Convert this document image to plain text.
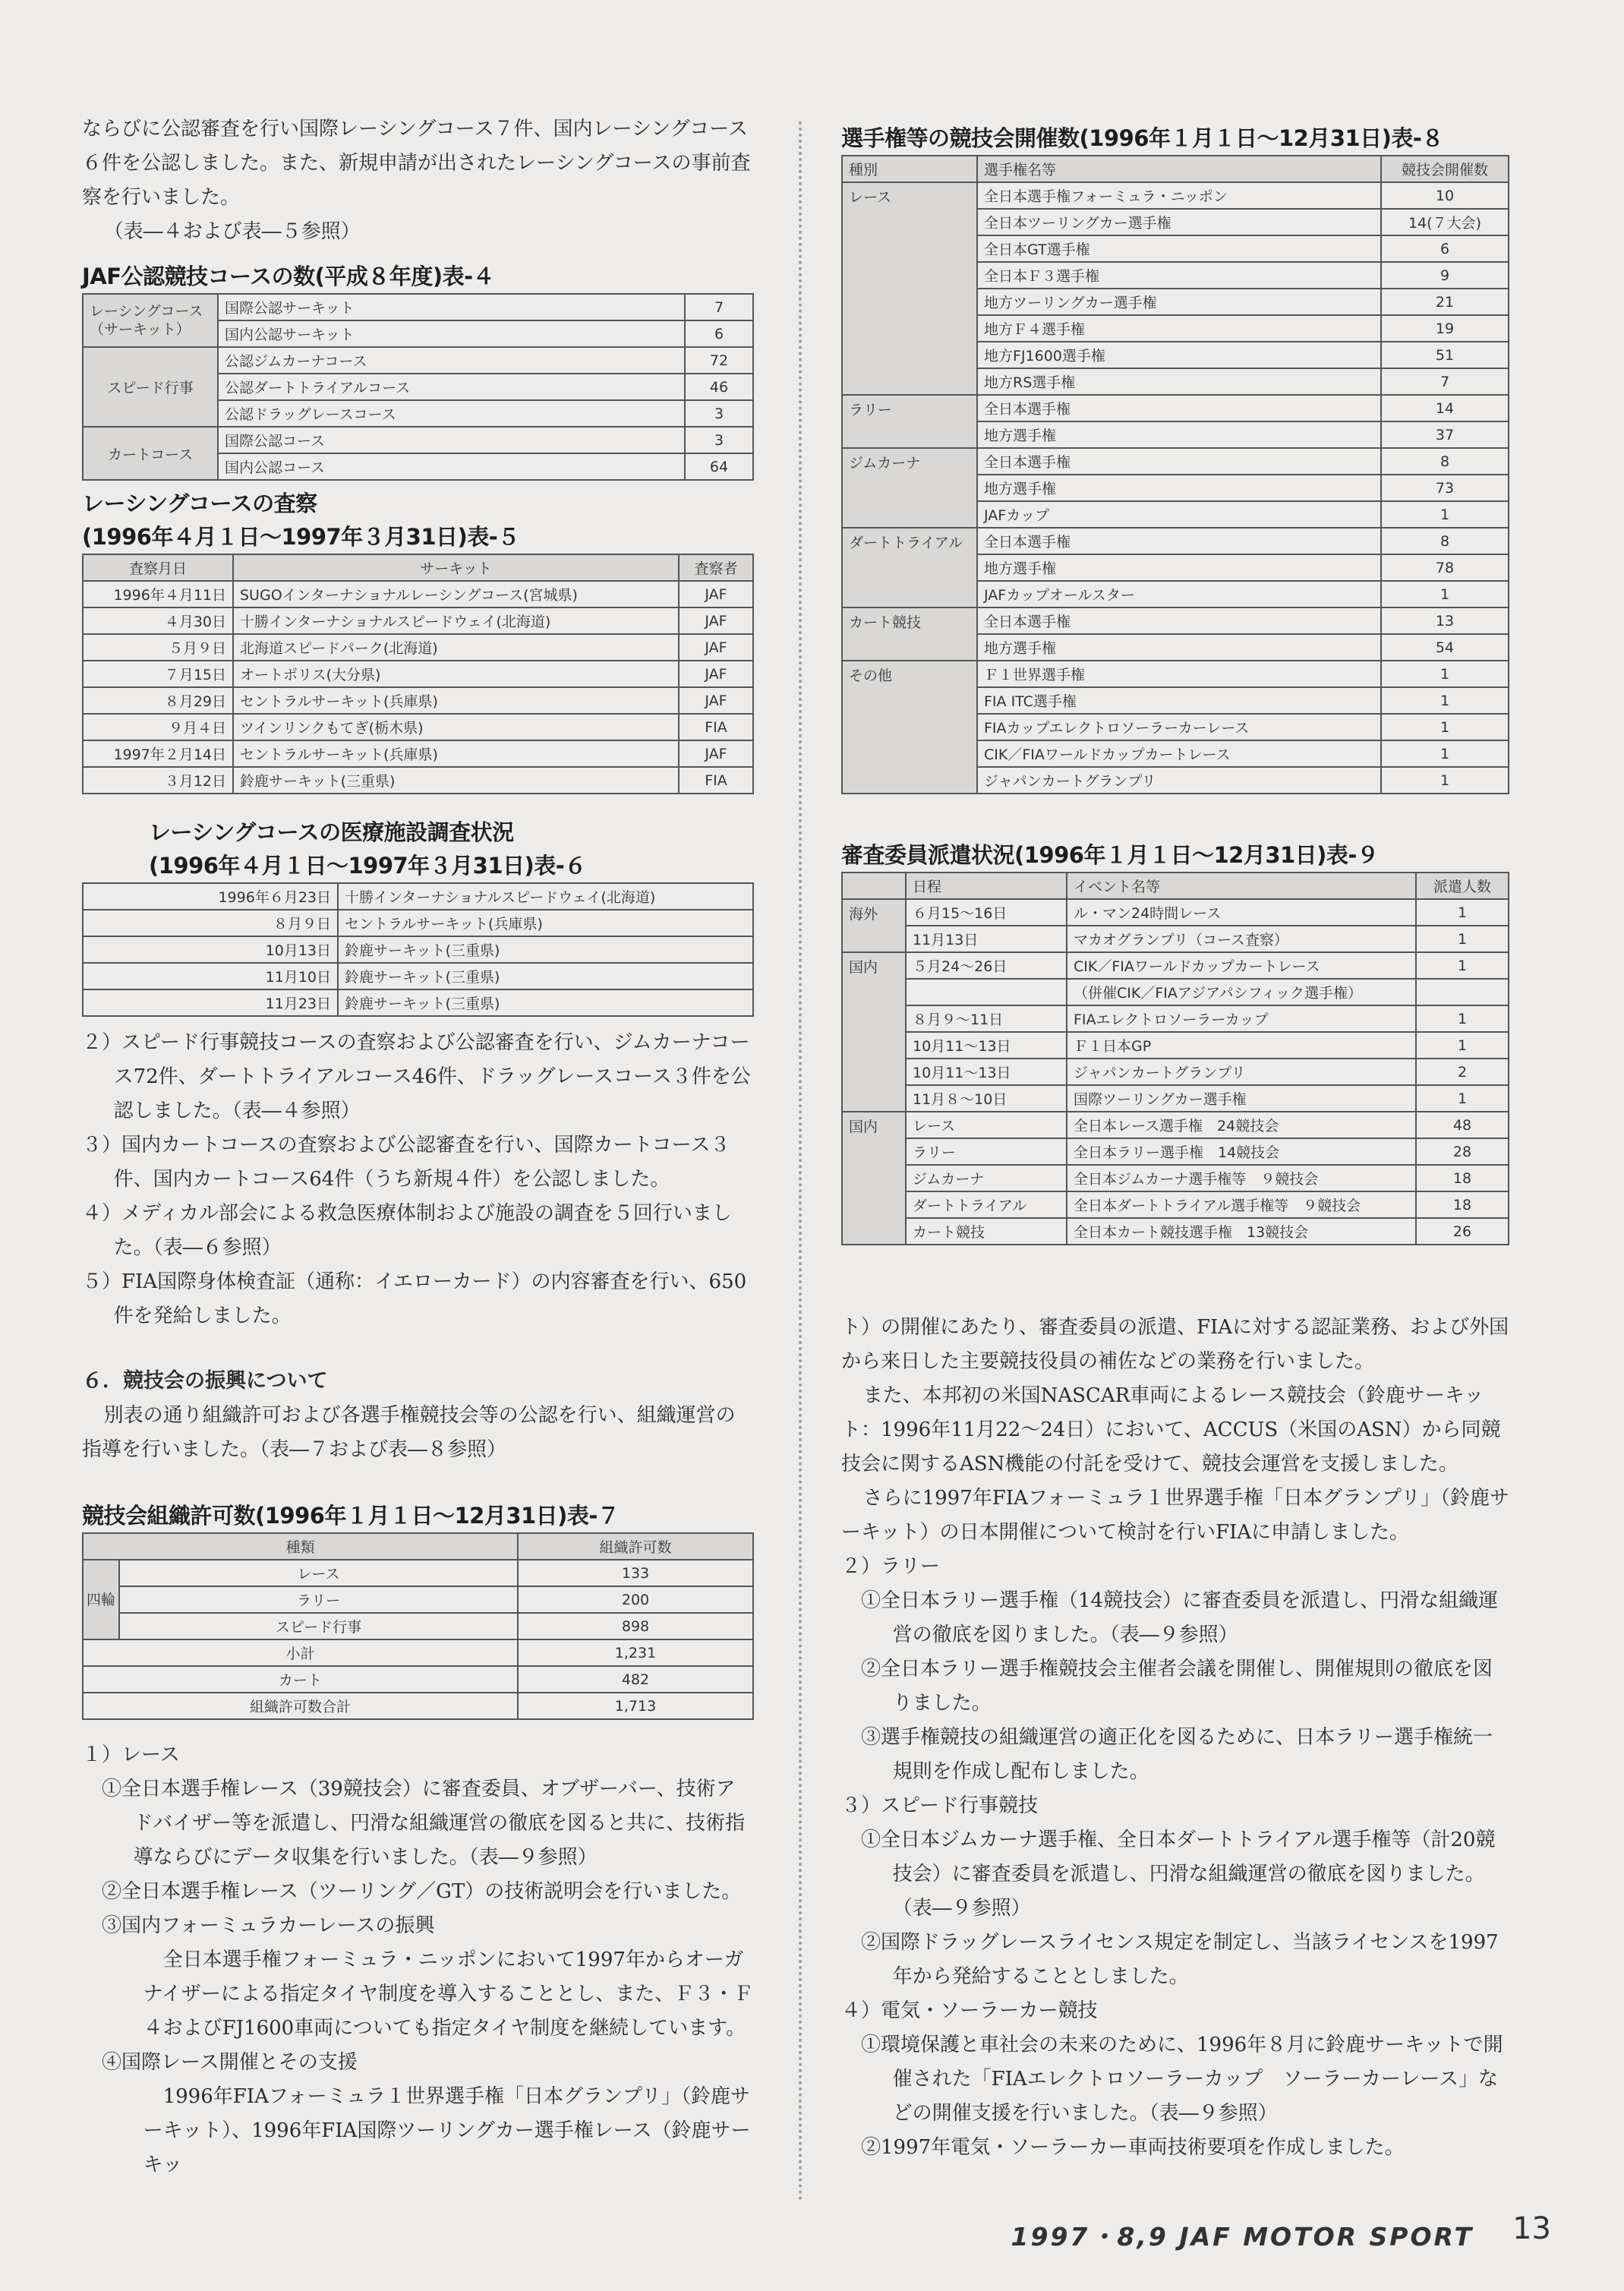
ならびに公認審査を行い国際レーシングコース７件、国内レーシングコース６件を公認しました。また、新規申請が出されたレーシングコースの事前査察を行いました。

（表―４および表―５参照）

JAF公認競技コースの数(平成８年度)表-４
レーシングコース（サーキット）	国際公認サーキット	7
	国内公認サーキット	6
スピード行事	公認ジムカーナコース	72
	公認ダートトライアルコース	46
	公認ドラッグレースコース	3
カートコース	国際公認コース	3
	国内公認コース	64
レーシングコースの査察
(1996年４月１日〜1997年３月31日)表-５
査察月日	サーキット	査察者
1996年４月11日	SUGOインターナショナルレーシングコース(宮城県)	JAF
４月30日	十勝インターナショナルスピードウェイ(北海道)	JAF
５月９日	北海道スピードパーク(北海道)	JAF
７月15日	オートポリス(大分県)	JAF
８月29日	セントラルサーキット(兵庫県)	JAF
９月４日	ツインリンクもてぎ(栃木県)	FIA
1997年２月14日	セントラルサーキット(兵庫県)	JAF
３月12日	鈴鹿サーキット(三重県)	FIA
レーシングコースの医療施設調査状況
(1996年４月１日〜1997年３月31日)表-６
1996年６月23日	十勝インターナショナルスピードウェイ(北海道)
８月９日	セントラルサーキット(兵庫県)
10月13日	鈴鹿サーキット(三重県)
11月10日	鈴鹿サーキット(三重県)
11月23日	鈴鹿サーキット(三重県)

２）スピード行事競技コースの査察および公認審査を行い、ジムカーナコース72件、ダートトライアルコース46件、ドラッグレースコース３件を公認しました。（表―４参照）

３）国内カートコースの査察および公認審査を行い、国際カートコース３件、国内カートコース64件（うち新規４件）を公認しました。

４）メディカル部会による救急医療体制および施設の調査を５回行いました。（表―６参照）

５）FIA国際身体検査証（通称：イエローカード）の内容審査を行い、650件を発給しました。

６．競技会の振興について

別表の通り組織許可および各選手権競技会等の公認を行い、組織運営の指導を行いました。（表―７および表―８参照）

競技会組織許可数(1996年１月１日〜12月31日)表-７
種類		組織許可数
四輪	レース	133
	ラリー	200
	スピード行事	898
小計		1,231
カート		482
組織許可数合計		1,713

１）レース

①全日本選手権レース（39競技会）に審査委員、オブザーバー、技術アドバイザー等を派遣し、円滑な組織運営の徹底を図ると共に、技術指導ならびにデータ収集を行いました。（表―９参照）

②全日本選手権レース（ツーリング／GT）の技術説明会を行いました。

③国内フォーミュラカーレースの振興

全日本選手権フォーミュラ・ニッポンにおいて1997年からオーガナイザーによる指定タイヤ制度を導入することとし、また、Ｆ３・Ｆ４およびFJ1600車両についても指定タイヤ制度を継続しています。

④国際レース開催とその支援

1996年FIAフォーミュラ１世界選手権「日本グランプリ」（鈴鹿サーキット）、1996年FIA国際ツーリングカー選手権レース（鈴鹿サーキッ

選手権等の競技会開催数(1996年１月１日〜12月31日)表-８
種別	選手権名等	競技会開催数
レース	全日本選手権フォーミュラ・ニッポン	10
	全日本ツーリングカー選手権	14(７大会)
	全日本GT選手権	6
	全日本Ｆ３選手権	9
	地方ツーリングカー選手権	21
	地方Ｆ４選手権	19
	地方FJ1600選手権	51
	地方RS選手権	7
ラリー	全日本選手権	14
	地方選手権	37
ジムカーナ	全日本選手権	8
	地方選手権	73
	JAFカップ	1
ダートトライアル	全日本選手権	8
	地方選手権	78
	JAFカップオールスター	1
カート競技	全日本選手権	13
	地方選手権	54
その他	Ｆ１世界選手権	1
	FIA ITC選手権	1
	FIAカップエレクトロソーラーカーレース	1
	CIK／FIAワールドカップカートレース	1
	ジャパンカートグランプリ	1
審査委員派遣状況(1996年１月１日〜12月31日)表-９
	日程	イベント名等	派遣人数
海外	６月15〜16日	ル・マン24時間レース	1
	11月13日	マカオグランプリ（コース査察）	1
国内	５月24〜26日	CIK／FIAワールドカップカートレース	1
		（併催CIK／FIAアジアパシフィック選手権）	
	８月９〜11日	FIAエレクトロソーラーカップ	1
	10月11〜13日	Ｆ１日本GP	1
	10月11〜13日	ジャパンカートグランプリ	2
	11月８〜10日	国際ツーリングカー選手権	1
国内	レース	全日本レース選手権　24競技会	48
	ラリー	全日本ラリー選手権　14競技会	28
	ジムカーナ	全日本ジムカーナ選手権等　９競技会	18
	ダートトライアル	全日本ダートトライアル選手権等　９競技会	18
	カート競技	全日本カート競技選手権　13競技会	26

ト）の開催にあたり、審査委員の派遣、FIAに対する認証業務、および外国から来日した主要競技役員の補佐などの業務を行いました。

また、本邦初の米国NASCAR車両によるレース競技会（鈴鹿サーキット：1996年11月22〜24日）において、ACCUS（米国のASN）から同競技会に関するASN機能の付託を受けて、競技会運営を支援しました。

さらに1997年FIAフォーミュラ１世界選手権「日本グランプリ」（鈴鹿サーキット）の日本開催について検討を行いFIAに申請しました。

２）ラリー

①全日本ラリー選手権（14競技会）に審査委員を派遣し、円滑な組織運営の徹底を図りました。（表―９参照）

②全日本ラリー選手権競技会主催者会議を開催し、開催規則の徹底を図りました。

③選手権競技の組織運営の適正化を図るために、日本ラリー選手権統一規則を作成し配布しました。

３）スピード行事競技

①全日本ジムカーナ選手権、全日本ダートトライアル選手権等（計20競技会）に審査委員を派遣し、円滑な組織運営の徹底を図りました。（表―９参照）

②国際ドラッグレースライセンス規定を制定し、当該ライセンスを1997年から発給することとしました。

４）電気・ソーラーカー競技

①環境保護と車社会の未来のために、1996年８月に鈴鹿サーキットで開催された「FIAエレクトロソーラーカップ　ソーラーカーレース」などの開催支援を行いました。（表―９参照）

②1997年電気・ソーラーカー車両技術要項を作成しました。

1997・8,9 JAF MOTOR SPORT 13
